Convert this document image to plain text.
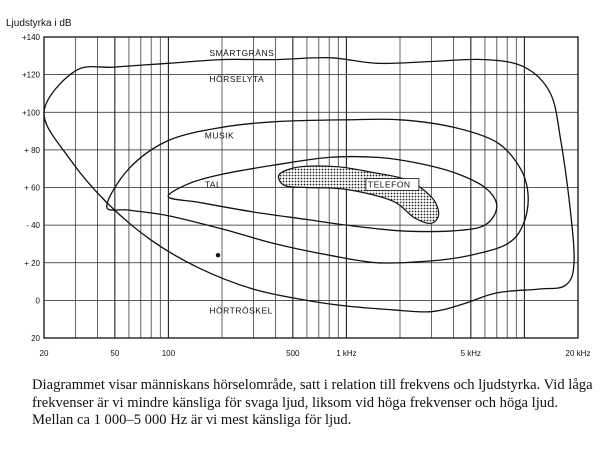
Ljudstyrka i dB
+140
+120
+100
+ 80
+ 60
- 40
+ 20
0
20
20	50	100	500	1 kHz	5 kHz	20 kHz
HÖRSELYTA
MUSIK
TAL	TELEFON
SMÄRTGRÄNS
HÖRTRÖSKEL

Diagrammet visar människans hörselområde, satt i relation till frekvens och ljudstyrka. Vid låga frekvenser är vi mindre känsliga för svaga ljud, liksom vid höga frekvenser och höga ljud. Mellan ca 1 000–5 000 Hz är vi mest känsliga för ljud.
